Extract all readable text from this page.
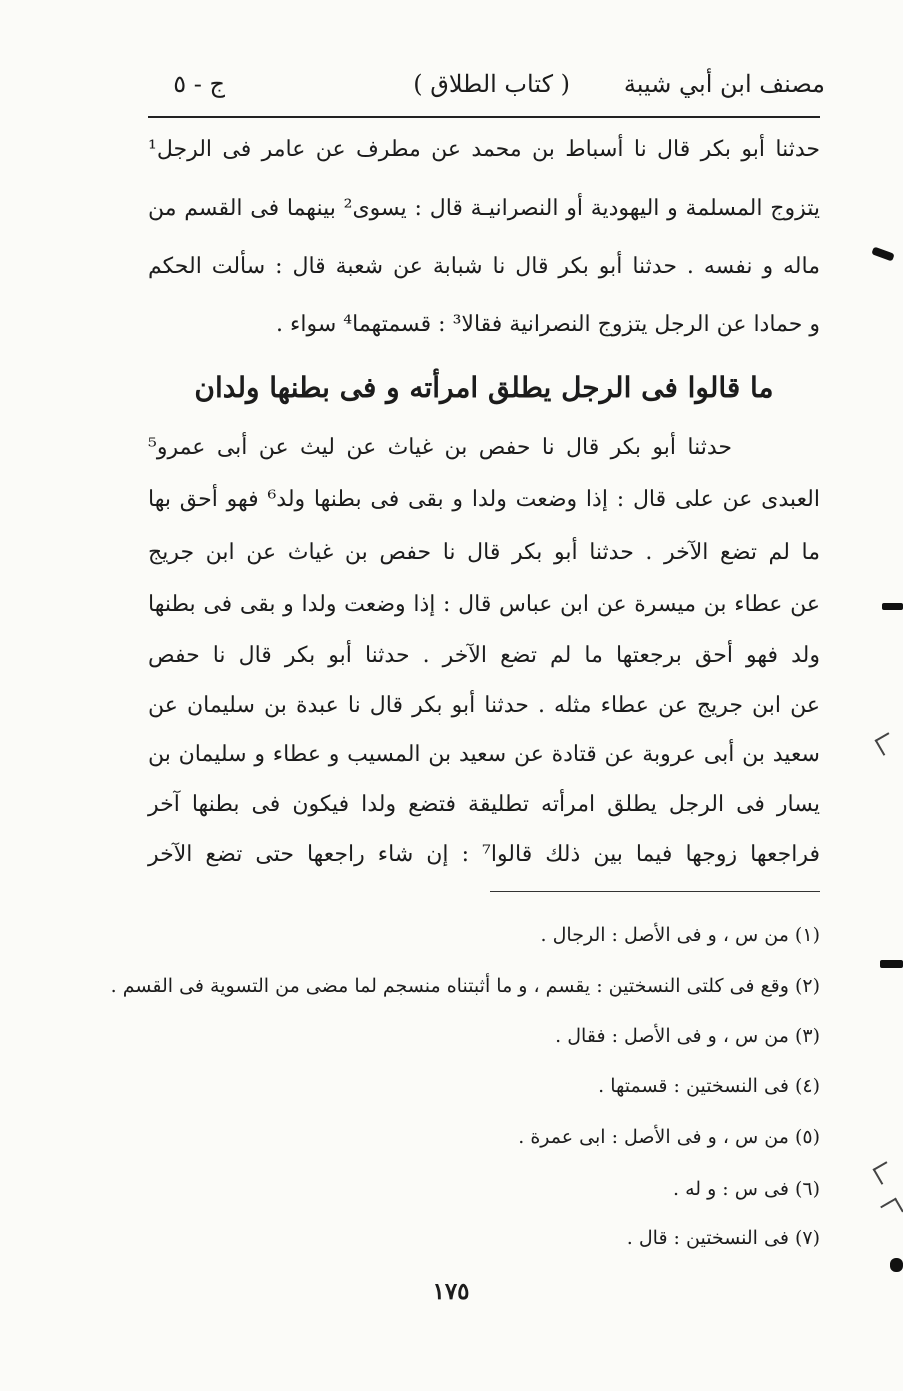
مصنف ابن أبي شيبة
( كتاب الطلاق )
ج - ٥
حدثنا أبو بكر قال نا أسباط بن محمد عن مطرف عن عامر فى الرجل¹
يتزوج المسلمة و اليهودية أو النصرانيـة قال : يسوى² بينهما فى القسم من
ماله و نفسه . حدثنا أبو بكر قال نا شبابة عن شعبة قال : سألت الحكم
و حمادا عن الرجل يتزوج النصرانية فقالا³ : قسمتهما⁴ سواء .
ما قالوا فى الرجل يطلق امرأته و فى بطنها ولدان
حدثنا أبو بكر قال نا حفص بن غياث عن ليث عن أبى عمرو⁵
العبدى عن على قال : إذا وضعت ولدا و بقى فى بطنها ولد⁶ فهو أحق بها
ما لم تضع الآخر . حدثنا أبو بكر قال نا حفص بن غياث عن ابن جريج
عن عطاء بن ميسرة عن ابن عباس قال : إذا وضعت ولدا و بقى فى بطنها
ولد فهو أحق برجعتها ما لم تضع الآخر . حدثنا أبو بكر قال نا حفص
عن ابن جريج عن عطاء مثله . حدثنا أبو بكر قال نا عبدة بن سليمان عن
سعيد بن أبى عروبة عن قتادة عن سعيد بن المسيب و عطاء و سليمان بن
يسار فى الرجل يطلق امرأته تطليقة فتضع ولدا فيكون فى بطنها آخر
فراجعها زوجها فيما بين ذلك قالوا⁷ : إن شاء راجعها حتى تضع الآخر
(١) من س ، و فى الأصل : الرجال .
(٢) وقع فى كلتى النسختين : يقسم ، و ما أثبتناه منسجم لما مضى من التسوية فى القسم .
(٣) من س ، و فى الأصل : فقال .
(٤) فى النسختين : قسمتها .
(٥) من س ، و فى الأصل : ابى عمرة .
(٦) فى س : و له .
(٧) فى النسختين : قال .
١٧٥
